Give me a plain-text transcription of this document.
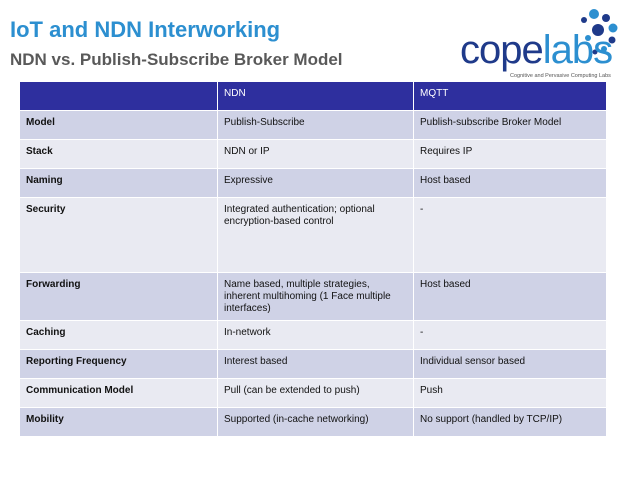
IoT and NDN Interworking
NDN vs. Publish-Subscribe Broker Model	copelabs
Cognitive and Pervasive Computing Labs
	NDN	MQTT
Model	Publish-Subscribe	Publish-subscribe Broker Model
Stack	NDN or IP	Requires IP
Naming	Expressive	Host based
Security	Integrated authentication; optional encryption-based control	-
Forwarding	Name based, multiple strategies, inherent multihoming (1 Face multiple interfaces)	Host based
Caching	In-network	-
Reporting Frequency	Interest based	Individual sensor based
Communication Model	Pull (can be extended to push)	Push
Mobility	Supported (in-cache networking)	No support (handled by TCP/IP)
